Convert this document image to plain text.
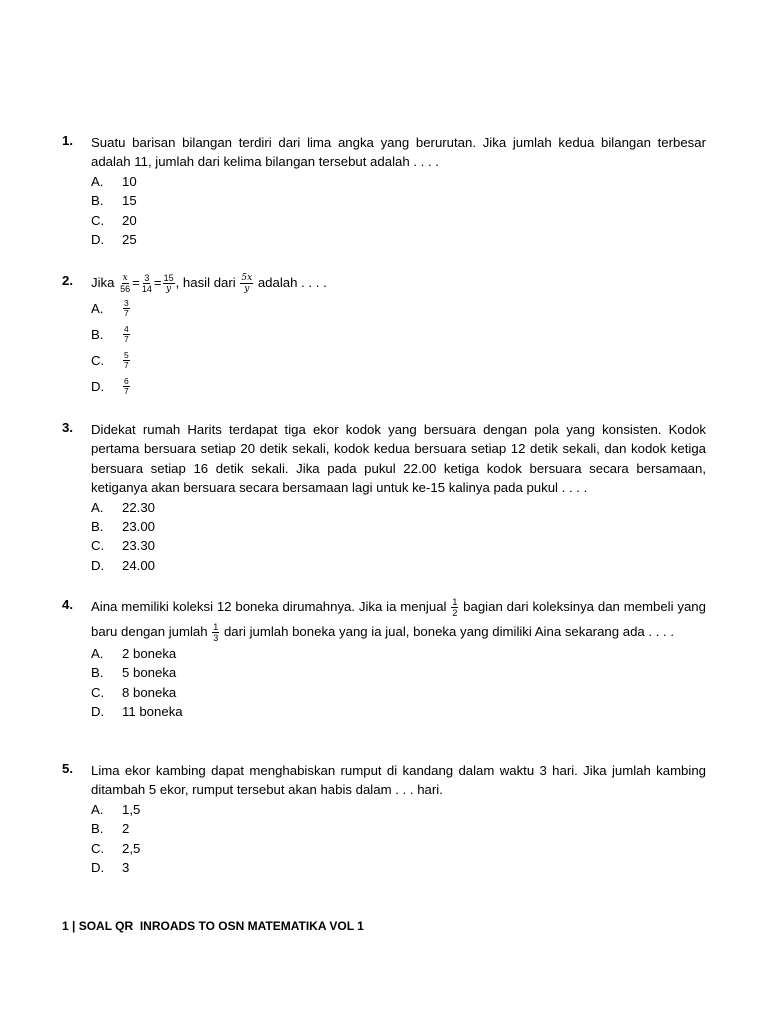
1. Suatu barisan bilangan terdiri dari lima angka yang berurutan. Jika jumlah kedua bilangan terbesar adalah 11, jumlah dari kelima bilangan tersebut adalah . . . .
A.	10
B.	15
C.	20
D.	25
2. Jika $\frac{x}{56} = \frac{3}{14} = \frac{15}{y}$ , hasil dari $\frac{5x}{y}$ adalah . . . .
A.	$\frac{3}{7}$
B.	$\frac{4}{7}$
C.	$\frac{5}{7}$
D.	$\frac{6}{7}$
3. Didekat rumah Harits terdapat tiga ekor kodok yang bersuara dengan pola yang konsisten. Kodok pertama bersuara setiap 20 detik sekali, kodok kedua bersuara setiap 12 detik sekali, dan kodok ketiga bersuara setiap 16 detik sekali. Jika pada pukul 22.00 ketiga kodok bersuara secara bersamaan, ketiganya akan bersuara secara bersamaan lagi untuk ke-15 kalinya pada pukul . . . .
A.	22.30
B.	23.00
C.	23.30
D.	24.00
4. Aina memiliki koleksi 12 boneka dirumahnya. Jika ia menjual $\frac{1}{2}$ bagian dari koleksinya dan membeli yang baru dengan jumlah $\frac{1}{3}$ dari jumlah boneka yang ia jual, boneka yang dimiliki Aina sekarang ada . . . .
A.	2 boneka
B.	5 boneka
C.	8 boneka
D.	11 boneka
5. Lima ekor kambing dapat menghabiskan rumput di kandang dalam waktu 3 hari. Jika jumlah kambing ditambah 5 ekor, rumput tersebut akan habis dalam . . . hari.
A.	1,5
B.	2
C.	2,5
D.	3
1 | SOAL QR  INROADS TO OSN MATEMATIKA VOL 1
